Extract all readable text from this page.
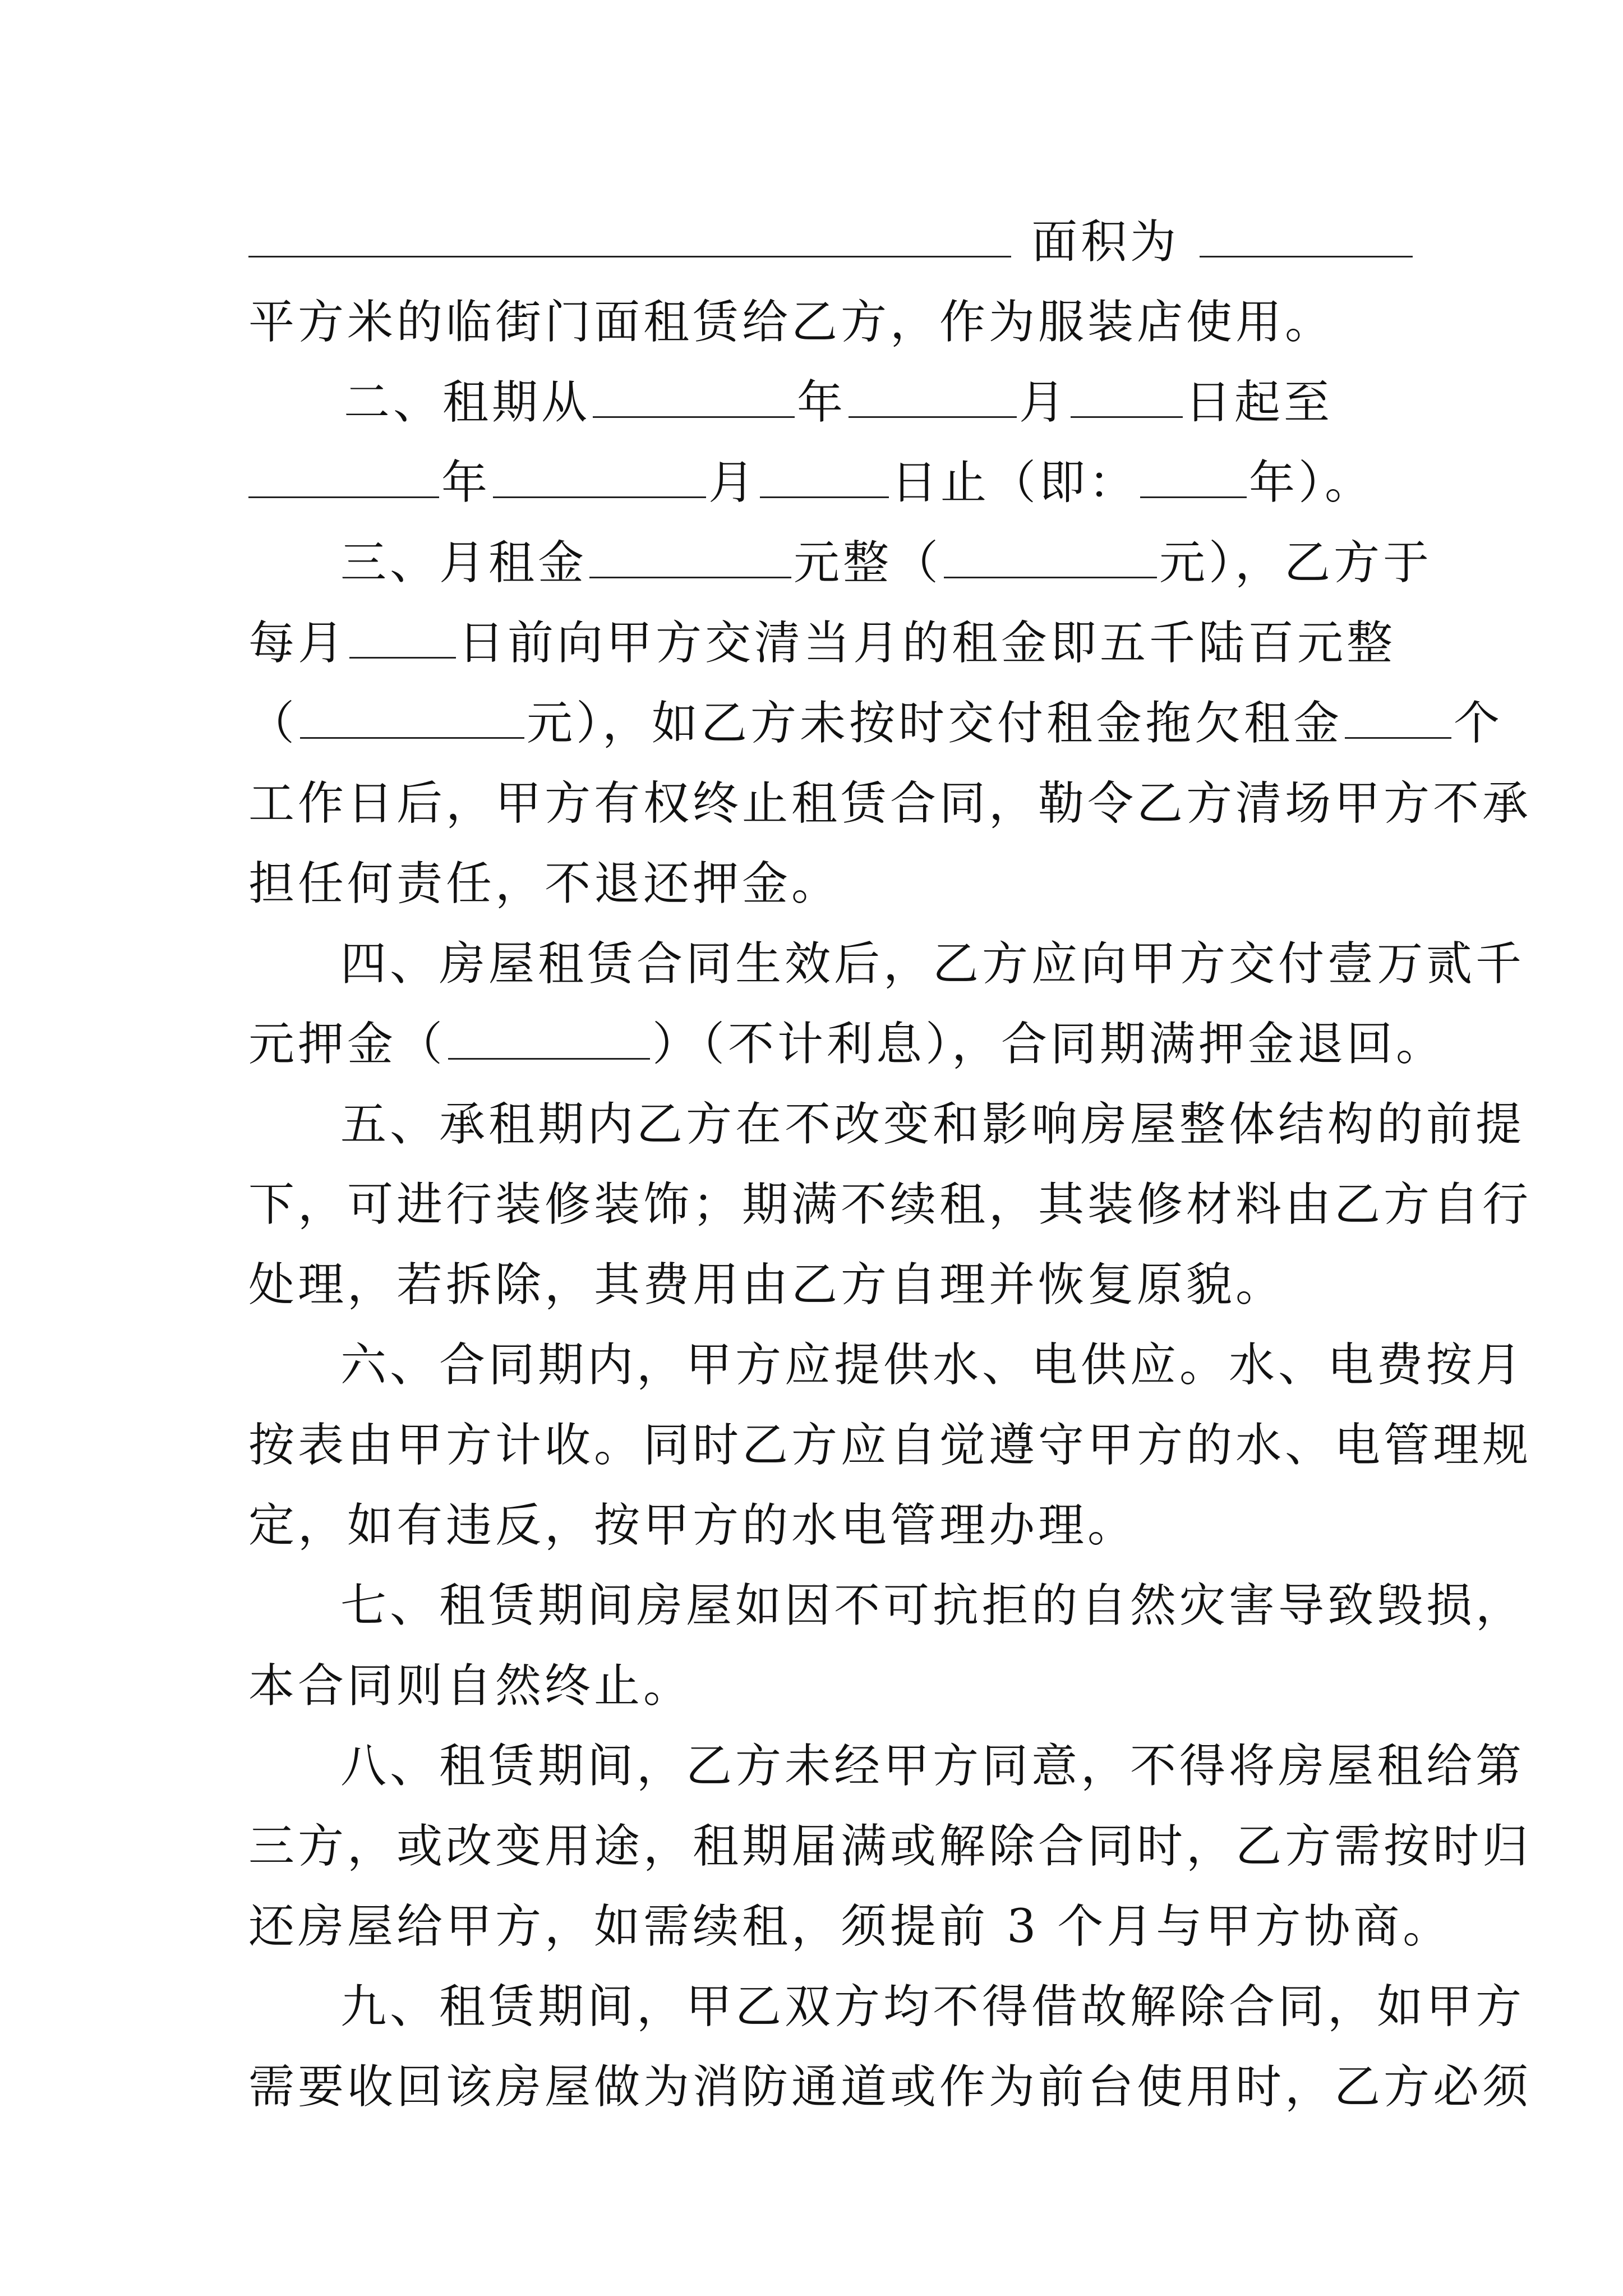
面积为
平方米的临街门面租赁给乙方，作为服装店使用。
二、租期从	年	月	日起至
年	月	日止（即： 年）。
三、月租金	元整（	元），乙方于
每月 日前向甲方交清当月的租金即五千陆百元整
（	元），如乙方未按时交付租金拖欠租金 个
工作日后，甲方有权终止租赁合同，勒令乙方清场甲方不承
担任何责任，不退还押金。
四、房屋租赁合同生效后，乙方应向甲方交付壹万贰千
元押金（	）（不计利息），合同期满押金退回。
五、承租期内乙方在不改变和影响房屋整体结构的前提
下，可进行装修装饰；期满不续租，其装修材料由乙方自行
处理，若拆除，其费用由乙方自理并恢复原貌。
六、合同期内，甲方应提供水、电供应。水、电费按月
按表由甲方计收。同时乙方应自觉遵守甲方的水、电管理规
定，如有违反，按甲方的水电管理办理。
七、租赁期间房屋如因不可抗拒的自然灾害导致毁损，
本合同则自然终止。
八、租赁期间，乙方未经甲方同意，不得将房屋租给第
三方，或改变用途，租期届满或解除合同时，乙方需按时归
还房屋给甲方，如需续租，须提前 3 个月与甲方协商。
九、租赁期间，甲乙双方均不得借故解除合同，如甲方
需要收回该房屋做为消防通道或作为前台使用时，乙方必须
